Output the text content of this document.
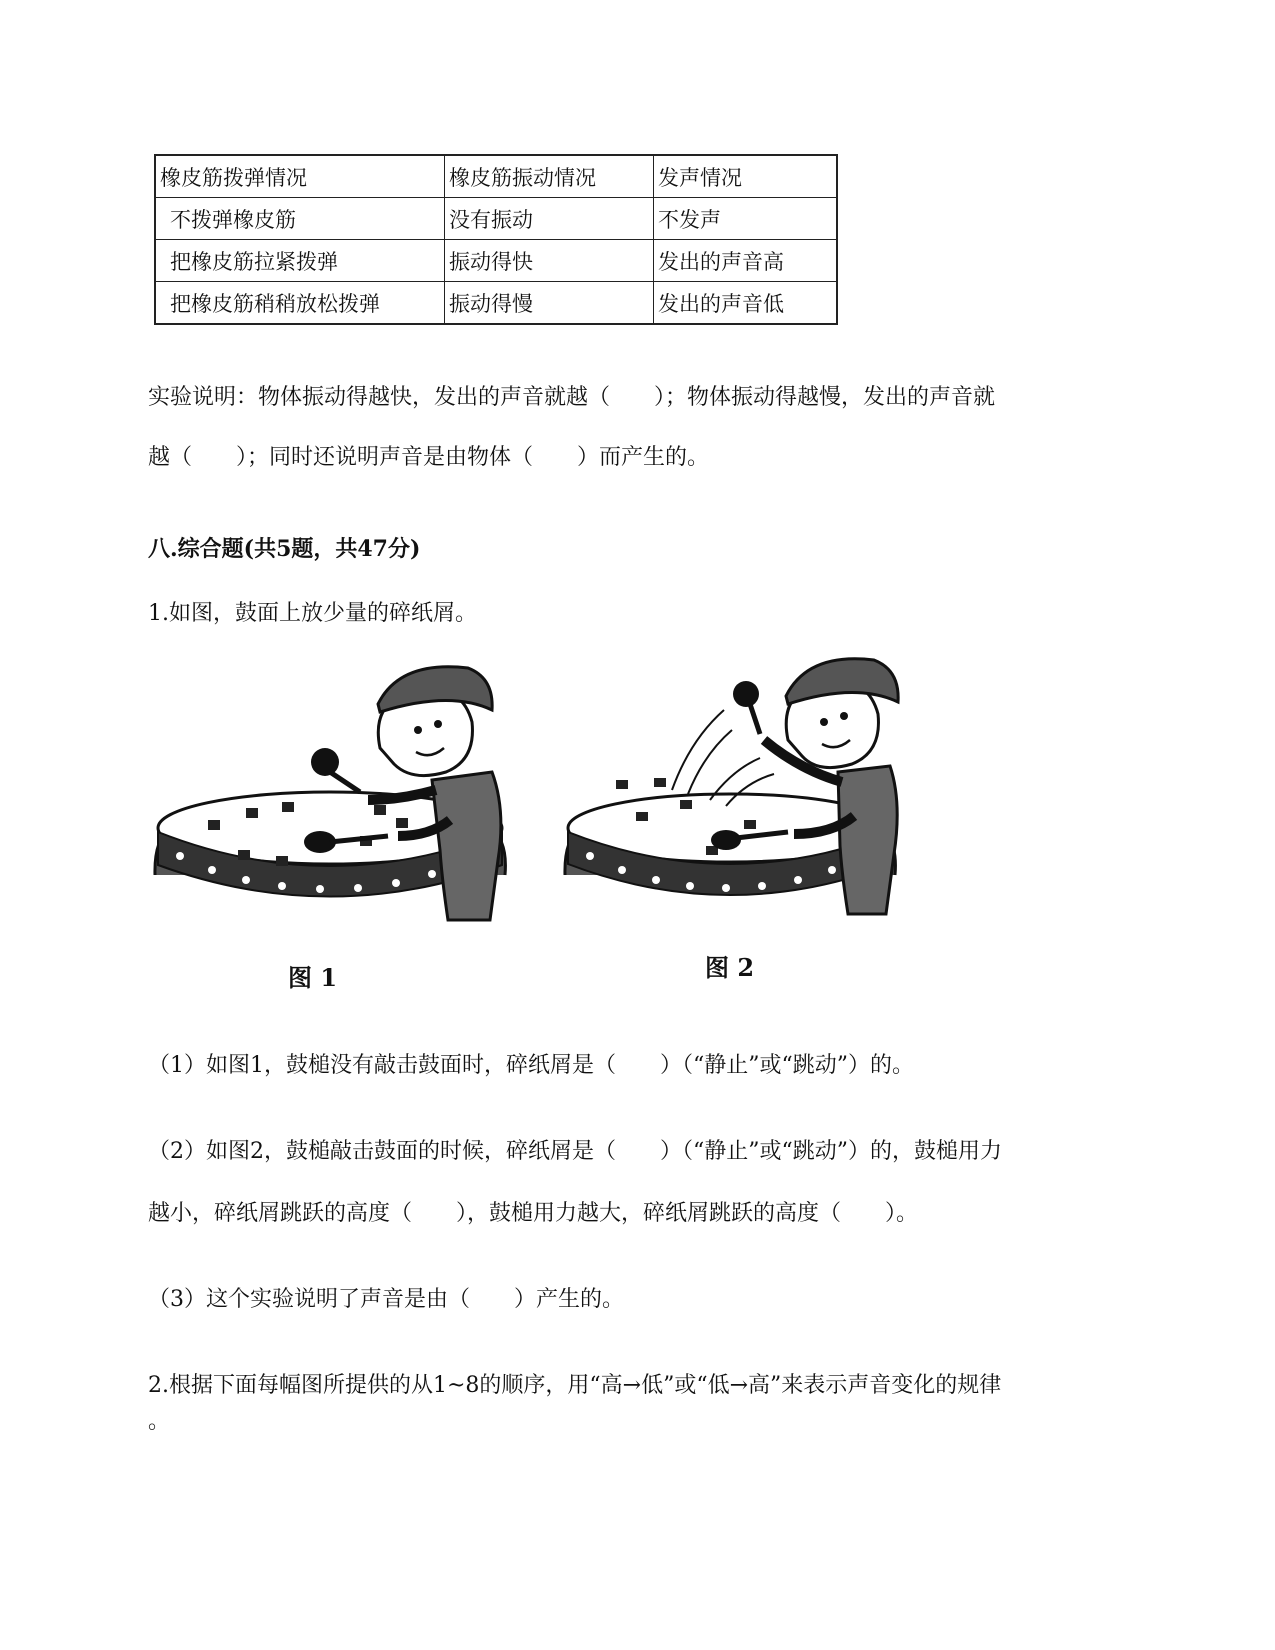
橡皮筋拨弹情况	橡皮筋振动情况	发声情况
不拨弹橡皮筋	没有振动	不发声
把橡皮筋拉紧拨弹	振动得快	发出的声音高
把橡皮筋稍稍放松拨弹	振动得慢	发出的声音低
实验说明：物体振动得越快，发出的声音就越（　　）；物体振动得越慢，发出的声音就
越（　　）；同时还说明声音是由物体（　　）而产生的。
八.综合题(共5题，共47分)
1.如图，鼓面上放少量的碎纸屑。
图 1	图 2
（1）如图1，鼓槌没有敲击鼓面时，碎纸屑是（　　）（“静止”或“跳动”）的。
（2）如图2，鼓槌敲击鼓面的时候，碎纸屑是（　　）（“静止”或“跳动”）的，鼓槌用力
越小，碎纸屑跳跃的高度（　　），鼓槌用力越大，碎纸屑跳跃的高度（　　）。
（3）这个实验说明了声音是由（　　）产生的。
2.根据下面每幅图所提供的从1~8的顺序，用“高→低”或“低→高”来表示声音变化的规律
。
